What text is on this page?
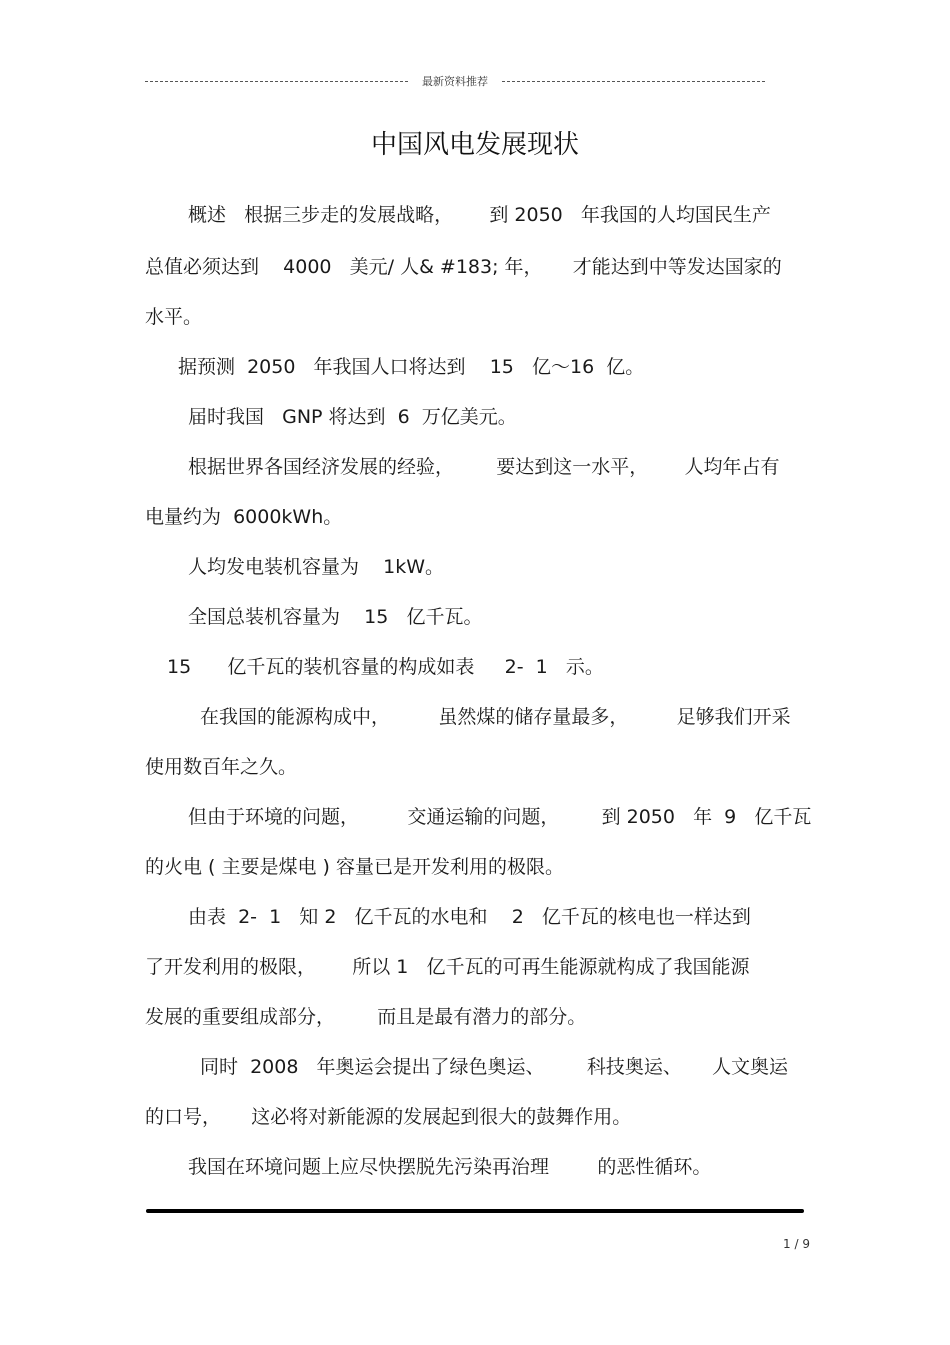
最新资料推荐
中国风电发展现状
概述   根据三步走的发展战略，      到 2050   年我国的人均国民生产
总值必须达到    4000   美元/ 人& #183; 年，     才能达到中等发达国家的
水平。
据预测  2050   年我国人口将达到    15   亿～16  亿。
届时我国   GNP 将达到  6  万亿美元。
根据世界各国经济发展的经验，       要达到这一水平，      人均年占有
电量约为  6000kWh。
人均发电装机容量为    1kW。
全国总装机容量为    15   亿千瓦。
15      亿千瓦的装机容量的构成如表     2-  1   示。
在我国的能源构成中，        虽然煤的储存量最多，        足够我们开采
使用数百年之久。
但由于环境的问题，        交通运输的问题，       到 2050   年  9   亿千瓦
的火电 ( 主要是煤电 ) 容量已是开发利用的极限。
由表  2-  1   知 2   亿千瓦的水电和    2   亿千瓦的核电也一样达到
了开发利用的极限，      所以 1   亿千瓦的可再生能源就构成了我国能源
发展的重要组成部分，       而且是最有潜力的部分。
同时  2008   年奥运会提出了绿色奥运、       科技奥运、     人文奥运
的口号，     这必将对新能源的发展起到很大的鼓舞作用。
我国在环境问题上应尽快摆脱先污染再治理        的恶性循环。
1 / 9
